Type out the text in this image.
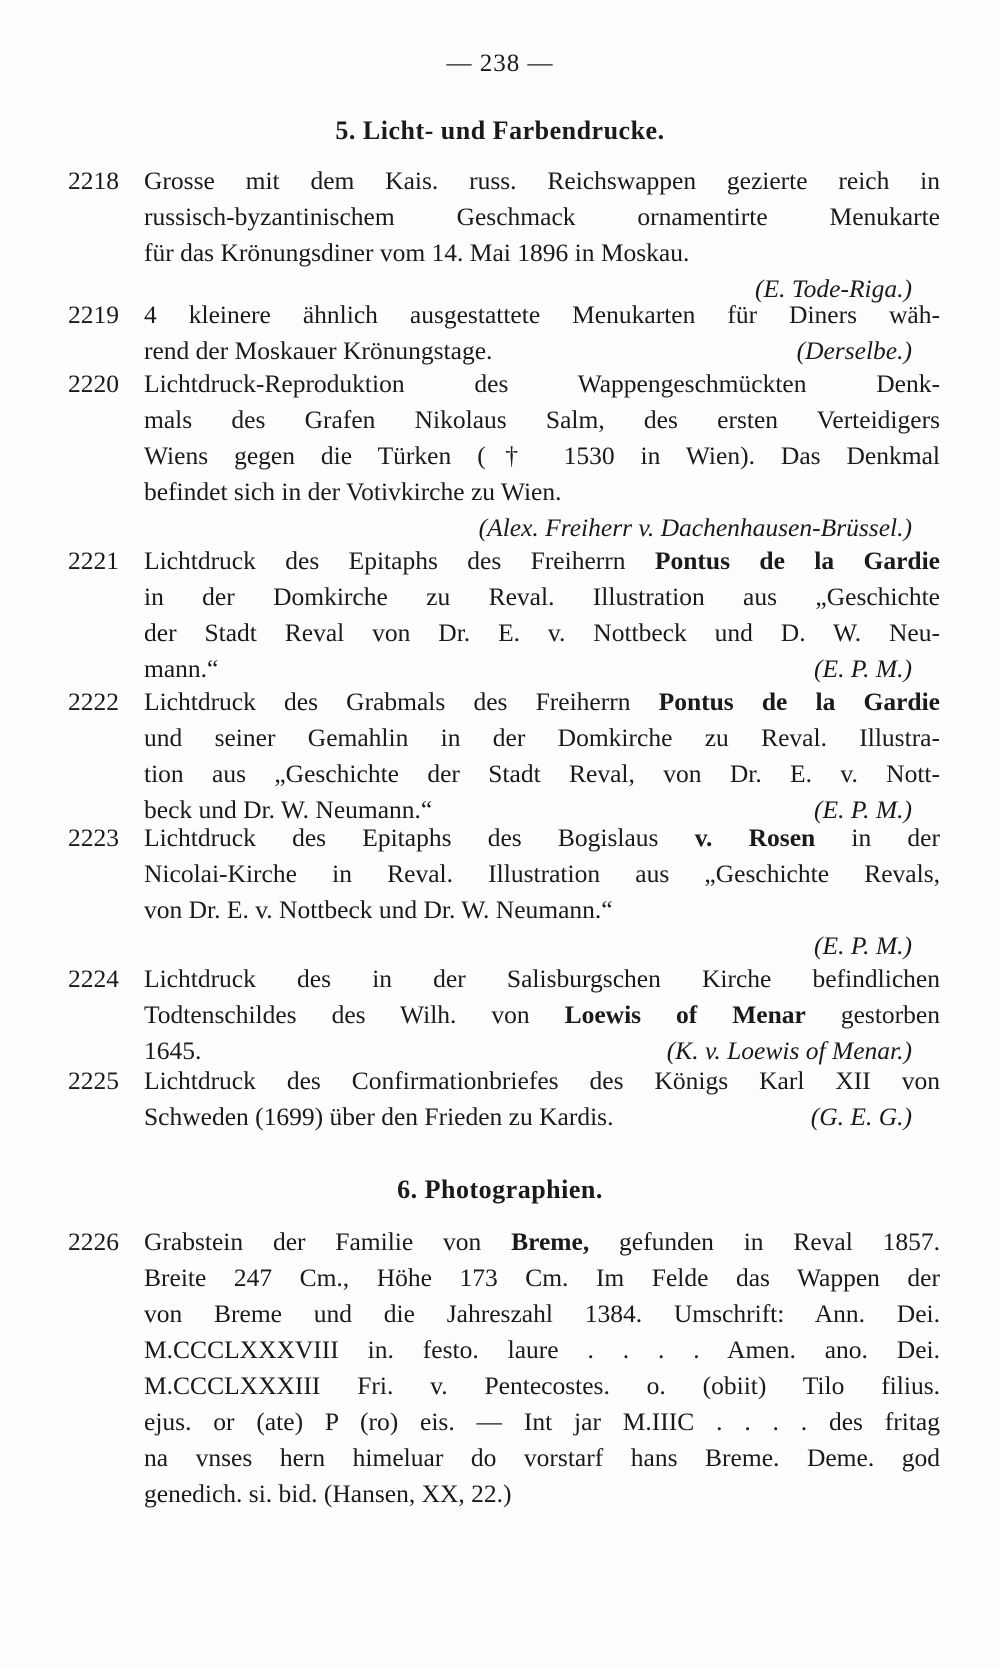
— 238 —
5. Licht- und Farbendrucke.
2218 Grosse mit dem Kais. russ. Reichswappen gezierte reich in
russisch-byzantinischem Geschmack ornamentirte Menukarte
für das Krönungsdiner vom 14. Mai 1896 in Moskau.
(E. Tode-Riga.)
2219 4 kleinere ähnlich ausgestattete Menukarten für Diners wäh-
rend der Moskauer Krönungstage.	(Derselbe.)
2220 Lichtdruck-Reproduktion des Wappengeschmückten Denk-
mals des Grafen Nikolaus Salm, des ersten Verteidigers
Wiens gegen die Türken († 1530 in Wien). Das Denkmal
befindet sich in der Votivkirche zu Wien.
(Alex. Freiherr v. Dachenhausen-Brüssel.)
2221 Lichtdruck des Epitaphs des Freiherrn Pontus de la Gardie
in der Domkirche zu Reval. Illustration aus „Geschichte
der Stadt Reval von Dr. E. v. Nottbeck und D. W. Neu-
mann.“	(E. P. M.)
2222 Lichtdruck des Grabmals des Freiherrn Pontus de la Gardie
und seiner Gemahlin in der Domkirche zu Reval. Illustra-
tion aus „Geschichte der Stadt Reval, von Dr. E. v. Nott-
beck und Dr. W. Neumann.“	(E. P. M.)
2223 Lichtdruck des Epitaphs des Bogislaus v. Rosen in der
Nicolai-Kirche in Reval. Illustration aus „Geschichte Revals,
von Dr. E. v. Nottbeck und Dr. W. Neumann.“
(E. P. M.)
2224 Lichtdruck des in der Salisburgschen Kirche befindlichen
Todtenschildes des Wilh. von Loewis of Menar gestorben
1645.	(K. v. Loewis of Menar.)
2225 Lichtdruck des Confirmationbriefes des Königs Karl XII von
Schweden (1699) über den Frieden zu Kardis.	(G. E. G.)
6. Photographien.
2226 Grabstein der Familie von Breme, gefunden in Reval 1857.
Breite 247 Cm., Höhe 173 Cm. Im Felde das Wappen der
von Breme und die Jahreszahl 1384. Umschrift: Ann. Dei.
M.CCCLXXXVIII in. festo. laure . . . . Amen. ano. Dei.
M.CCCLXXXIII Fri. v. Pentecostes. o. (obiit) Tilo filius.
ejus. or (ate) P (ro) eis. — Int jar M.IIIC . . . . des fritag
na vnses hern himeluar do vorstarf hans Breme. Deme. god
genedich. si. bid. (Hansen, XX, 22.)
